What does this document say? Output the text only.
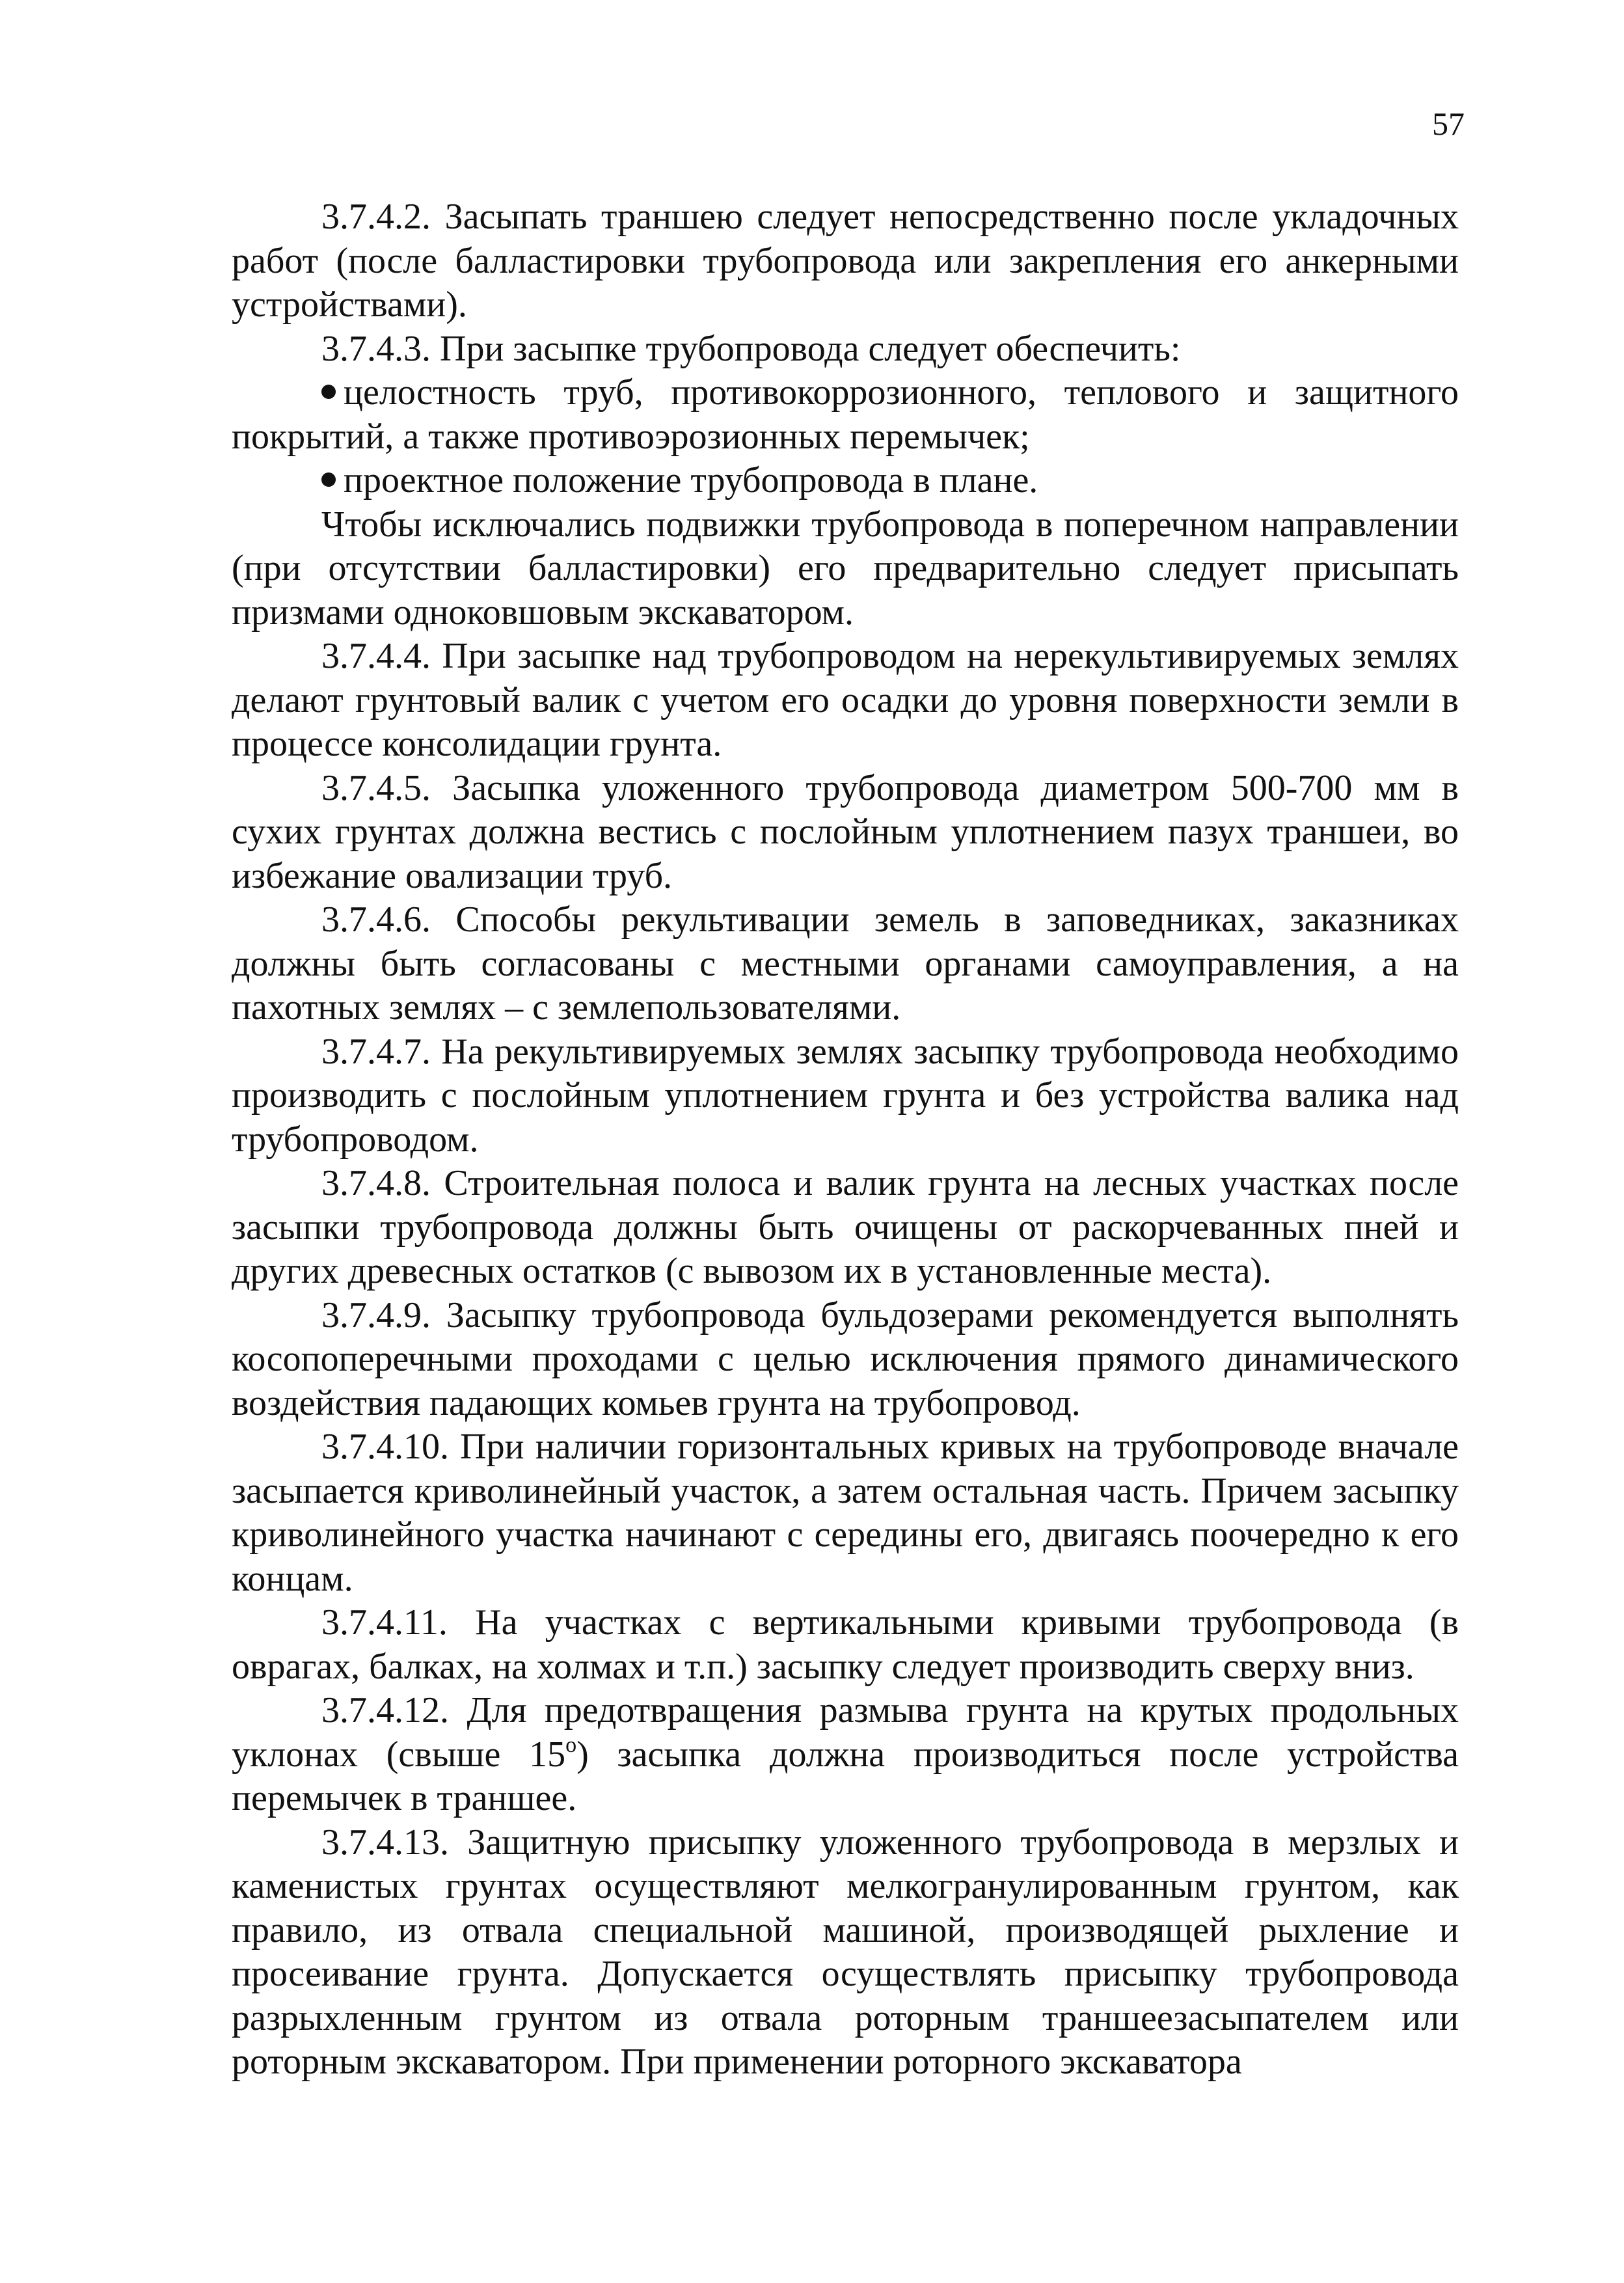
57

3.7.4.2. Засыпать траншею следует непосредственно после укладочных работ (после балластировки трубопровода или закрепления его анкерными устройствами).

3.7.4.3. При засыпке трубопровода следует обеспечить:

целостность труб, противокоррозионного, теплового и защитного покрытий, а также противоэрозионных перемычек;

проектное положение трубопровода в плане.

Чтобы исключались подвижки трубопровода в поперечном направлении (при отсутствии балластировки) его предварительно следует присыпать призмами одноковшовым экскаватором.

3.7.4.4. При засыпке над трубопроводом на нерекультивируемых землях делают грунтовый валик с учетом его осадки до уровня поверхности земли в процессе консолидации грунта.

3.7.4.5. Засыпка уложенного трубопровода диаметром 500-700 мм в сухих грунтах должна вестись с послойным уплотнением пазух траншеи, во избежание овализации труб.

3.7.4.6. Способы рекультивации земель в заповедниках, заказниках должны быть согласованы с местными органами самоуправления, а на пахотных землях – с землепользователями.

3.7.4.7. На рекультивируемых землях засыпку трубопровода необходимо производить с послойным уплотнением грунта и без устройства валика над трубопроводом.

3.7.4.8. Строительная полоса и валик грунта на лесных участках после засыпки трубопровода должны быть очищены от раскорчеванных пней и других древесных остатков (с вывозом их в установленные места).

3.7.4.9. Засыпку трубопровода бульдозерами рекомендуется выполнять косопоперечными проходами с целью исключения прямого динамического воздействия падающих комьев грунта на трубопровод.

3.7.4.10. При наличии горизонтальных кривых на трубопроводе вначале засыпается криволинейный участок, а затем остальная часть. Причем засыпку криволинейного участка начинают с середины его, двигаясь поочередно к его концам.

3.7.4.11. На участках с вертикальными кривыми трубопровода (в оврагах, балках, на холмах и т.п.) засыпку следует производить сверху вниз.

3.7.4.12. Для предотвращения размыва грунта на крутых продольных уклонах (свыше $15^о$) засыпка должна производиться после устройства перемычек в траншее.

3.7.4.13. Защитную присыпку уложенного трубопровода в мерзлых и каменистых грунтах осуществляют мелкогранулированным грунтом, как правило, из отвала специальной машиной, производящей рыхление и просеивание грунта. Допускается осуществлять присыпку трубопровода разрыхленным грунтом из отвала роторным траншеезасыпателем или роторным экскаватором. При применении роторного экскаватора
